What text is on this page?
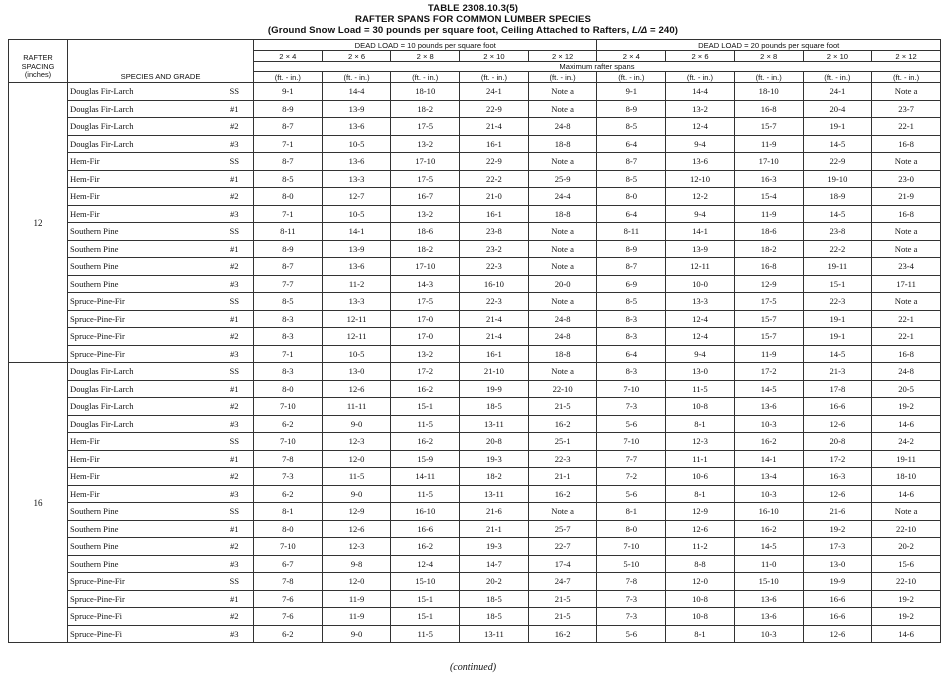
TABLE 2308.10.3(5)
RAFTER SPANS FOR COMMON LUMBER SPECIES
(Ground Snow Load = 30 pounds per square foot, Ceiling Attached to Rafters, L/Δ = 240)
RAFTER
SPACING
(inches)	SPECIES AND GRADE		DEAD LOAD = 10 pounds per square foot					DEAD LOAD = 20 pounds per square foot				
			2 × 4	2 × 6	2 × 8	2 × 10	2 × 12	2 × 4	2 × 6	2 × 8	2 × 10	2 × 12
			Maximum rafter spans									
			(ft. - in.)	(ft. - in.)	(ft. - in.)	(ft. - in.)	(ft. - in.)	(ft. - in.)	(ft. - in.)	(ft. - in.)	(ft. - in.)	(ft. - in.)
12	Douglas Fir-Larch	SS	9-1	14-4	18-10	24-1	Note a	9-1	14-4	18-10	24-1	Note a
	Douglas Fir-Larch	#1	8-9	13-9	18-2	22-9	Note a	8-9	13-2	16-8	20-4	23-7
	Douglas Fir-Larch	#2	8-7	13-6	17-5	21-4	24-8	8-5	12-4	15-7	19-1	22-1
	Douglas Fir-Larch	#3	7-1	10-5	13-2	16-1	18-8	6-4	9-4	11-9	14-5	16-8
	Hem-Fir	SS	8-7	13-6	17-10	22-9	Note a	8-7	13-6	17-10	22-9	Note a
	Hem-Fir	#1	8-5	13-3	17-5	22-2	25-9	8-5	12-10	16-3	19-10	23-0
	Hem-Fir	#2	8-0	12-7	16-7	21-0	24-4	8-0	12-2	15-4	18-9	21-9
	Hem-Fir	#3	7-1	10-5	13-2	16-1	18-8	6-4	9-4	11-9	14-5	16-8
	Southern Pine	SS	8-11	14-1	18-6	23-8	Note a	8-11	14-1	18-6	23-8	Note a
	Southern Pine	#1	8-9	13-9	18-2	23-2	Note a	8-9	13-9	18-2	22-2	Note a
	Southern Pine	#2	8-7	13-6	17-10	22-3	Note a	8-7	12-11	16-8	19-11	23-4
	Southern Pine	#3	7-7	11-2	14-3	16-10	20-0	6-9	10-0	12-9	15-1	17-11
	Spruce-Pine-Fir	SS	8-5	13-3	17-5	22-3	Note a	8-5	13-3	17-5	22-3	Note a
	Spruce-Pine-Fir	#1	8-3	12-11	17-0	21-4	24-8	8-3	12-4	15-7	19-1	22-1
	Spruce-Pine-Fir	#2	8-3	12-11	17-0	21-4	24-8	8-3	12-4	15-7	19-1	22-1
	Spruce-Pine-Fir	#3	7-1	10-5	13-2	16-1	18-8	6-4	9-4	11-9	14-5	16-8
16	Douglas Fir-Larch	SS	8-3	13-0	17-2	21-10	Note a	8-3	13-0	17-2	21-3	24-8
	Douglas Fir-Larch	#1	8-0	12-6	16-2	19-9	22-10	7-10	11-5	14-5	17-8	20-5
	Douglas Fir-Larch	#2	7-10	11-11	15-1	18-5	21-5	7-3	10-8	13-6	16-6	19-2
	Douglas Fir-Larch	#3	6-2	9-0	11-5	13-11	16-2	5-6	8-1	10-3	12-6	14-6
	Hem-Fir	SS	7-10	12-3	16-2	20-8	25-1	7-10	12-3	16-2	20-8	24-2
	Hem-Fir	#1	7-8	12-0	15-9	19-3	22-3	7-7	11-1	14-1	17-2	19-11
	Hem-Fir	#2	7-3	11-5	14-11	18-2	21-1	7-2	10-6	13-4	16-3	18-10
	Hem-Fir	#3	6-2	9-0	11-5	13-11	16-2	5-6	8-1	10-3	12-6	14-6
	Southern Pine	SS	8-1	12-9	16-10	21-6	Note a	8-1	12-9	16-10	21-6	Note a
	Southern Pine	#1	8-0	12-6	16-6	21-1	25-7	8-0	12-6	16-2	19-2	22-10
	Southern Pine	#2	7-10	12-3	16-2	19-3	22-7	7-10	11-2	14-5	17-3	20-2
	Southern Pine	#3	6-7	9-8	12-4	14-7	17-4	5-10	8-8	11-0	13-0	15-6
	Spruce-Pine-Fir	SS	7-8	12-0	15-10	20-2	24-7	7-8	12-0	15-10	19-9	22-10
	Spruce-Pine-Fir	#1	7-6	11-9	15-1	18-5	21-5	7-3	10-8	13-6	16-6	19-2
	Spruce-Pine-Fi	#2	7-6	11-9	15-1	18-5	21-5	7-3	10-8	13-6	16-6	19-2
	Spruce-Pine-Fi	#3	6-2	9-0	11-5	13-11	16-2	5-6	8-1	10-3	12-6	14-6
(continued)
